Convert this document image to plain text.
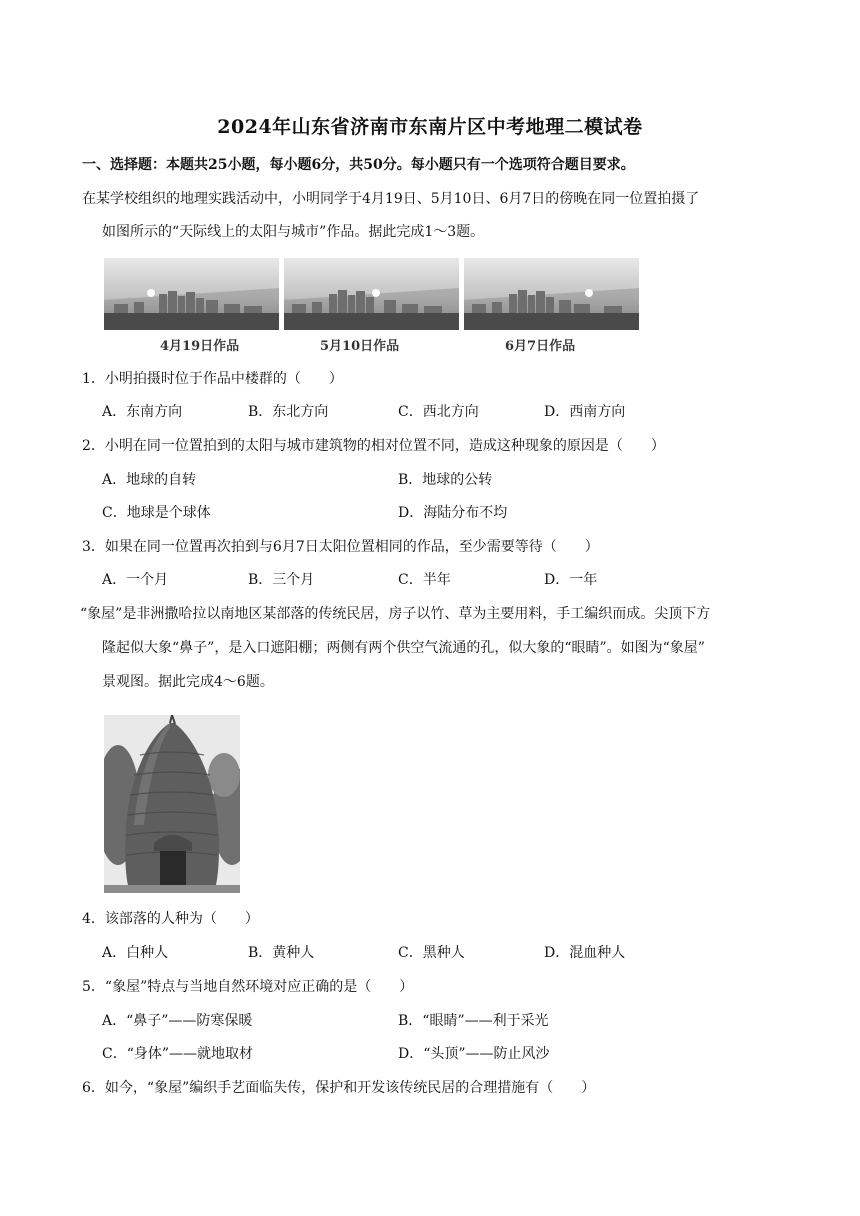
2024年山东省济南市东南片区中考地理二模试卷
一、选择题：本题共25小题，每小题6分，共50分。每小题只有一个选项符合题目要求。
在某学校组织的地理实践活动中，小明同学于4月19日、5月10日、6月7日的傍晚在同一位置拍摄了
如图所示的“天际线上的太阳与城市”作品。据此完成1～3题。
4月19日作品	5月10日作品	6月7日作品
1．小明拍摄时位于作品中楼群的（　　）
A．东南方向	B．东北方向	C．西北方向	D．西南方向
2．小明在同一位置拍到的太阳与城市建筑物的相对位置不同，造成这种现象的原因是（　　）
A．地球的自转	B．地球的公转
C．地球是个球体	D．海陆分布不均
3．如果在同一位置再次拍到与6月7日太阳位置相同的作品，至少需要等待（　　）
A．一个月	B．三个月	C．半年	D．一年
“象屋”是非洲撒哈拉以南地区某部落的传统民居，房子以竹、草为主要用料，手工编织而成。尖顶下方
隆起似大象“鼻子”，是入口遮阳棚；两侧有两个供空气流通的孔，似大象的“眼睛”。如图为“象屋”
景观图。据此完成4～6题。
4．该部落的人种为（　　）
A．白种人	B．黄种人	C．黑种人	D．混血种人
5．“象屋”特点与当地自然环境对应正确的是（　　）
A．“鼻子”——防寒保暖	B．“眼睛”——利于采光
C．“身体”——就地取材	D．“头顶”——防止风沙
6．如今，“象屋”编织手艺面临失传，保护和开发该传统民居的合理措施有（　　）
